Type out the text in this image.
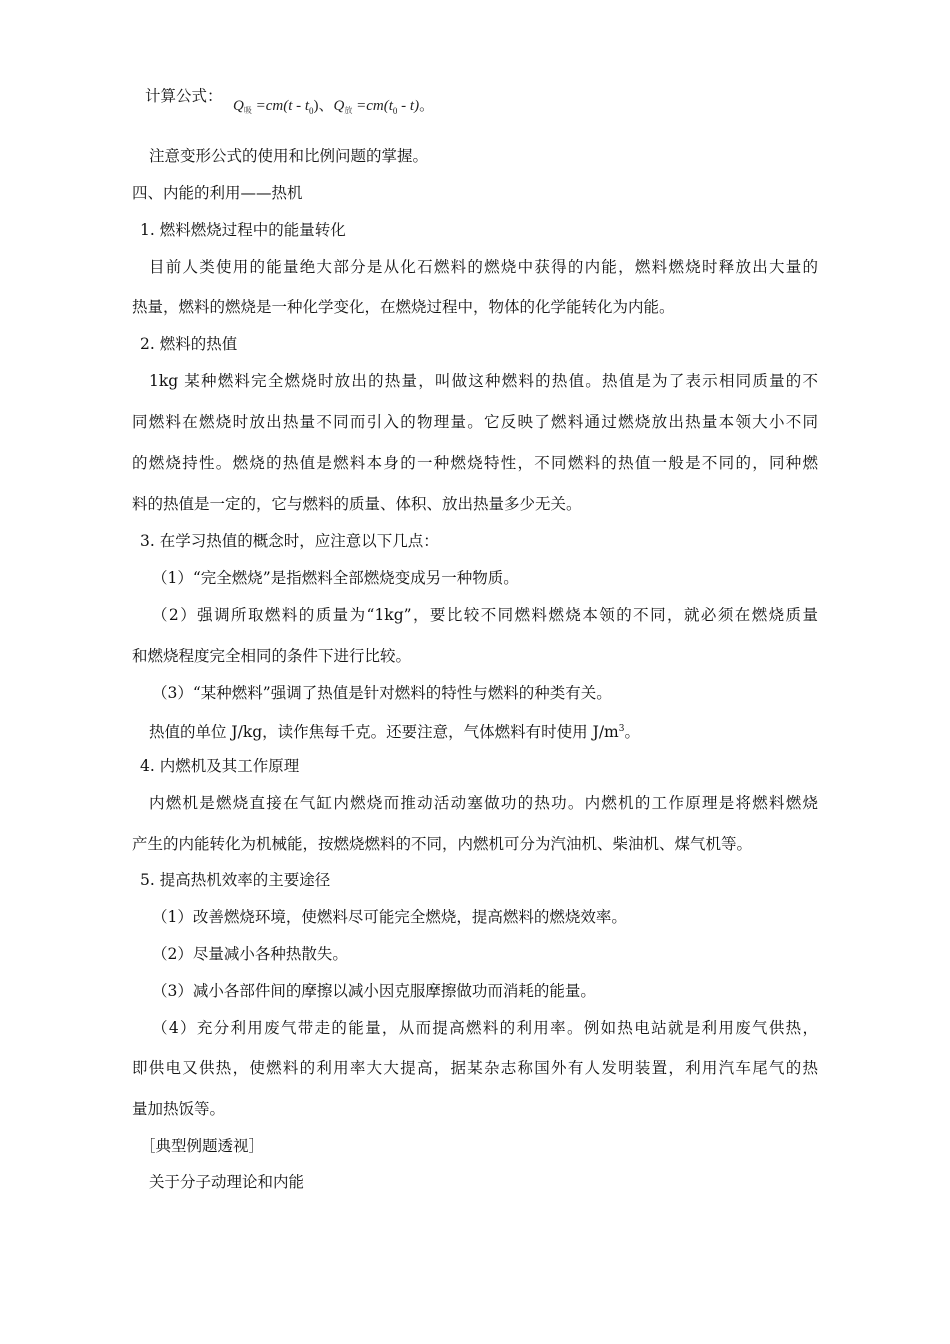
计算公式：
$Q_吸 =cm(t - t_0)$、$Q_放 =cm(t_0 - t)$。
注意变形公式的使用和比例问题的掌握。
四、内能的利用——热机
1. 燃料燃烧过程中的能量转化
目前人类使用的能量绝大部分是从化石燃料的燃烧中获得的内能，燃料燃烧时释放出大量的
热量，燃料的燃烧是一种化学变化，在燃烧过程中，物体的化学能转化为内能。
2. 燃料的热值
1kg 某种燃料完全燃烧时放出的热量，叫做这种燃料的热值。热值是为了表示相同质量的不
同燃料在燃烧时放出热量不同而引入的物理量。它反映了燃料通过燃烧放出热量本领大小不同
的燃烧持性。燃烧的热值是燃料本身的一种燃烧特性，不同燃料的热值一般是不同的，同种燃
料的热值是一定的，它与燃料的质量、体积、放出热量多少无关。
3. 在学习热值的概念时，应注意以下几点：
（1）“完全燃烧”是指燃料全部燃烧变成另一种物质。
（2）强调所取燃料的质量为“1kg”，要比较不同燃料燃烧本领的不同，就必须在燃烧质量
和燃烧程度完全相同的条件下进行比较。
（3）“某种燃料”强调了热值是针对燃料的特性与燃料的种类有关。
热值的单位 J/kg，读作焦每千克。还要注意，气体燃料有时使用 $J/m^3$。
4. 内燃机及其工作原理
内燃机是燃烧直接在气缸内燃烧而推动活动塞做功的热功。内燃机的工作原理是将燃料燃烧
产生的内能转化为机械能，按燃烧燃料的不同，内燃机可分为汽油机、柴油机、煤气机等。
5. 提高热机效率的主要途径
（1）改善燃烧环境，使燃料尽可能完全燃烧，提高燃料的燃烧效率。
（2）尽量减小各种热散失。
（3）减小各部件间的摩擦以减小因克服摩擦做功而消耗的能量。
（4）充分利用废气带走的能量，从而提高燃料的利用率。例如热电站就是利用废气供热，
即供电又供热，使燃料的利用率大大提高，据某杂志称国外有人发明装置，利用汽车尾气的热
量加热饭等。
［典型例题透视］
关于分子动理论和内能
